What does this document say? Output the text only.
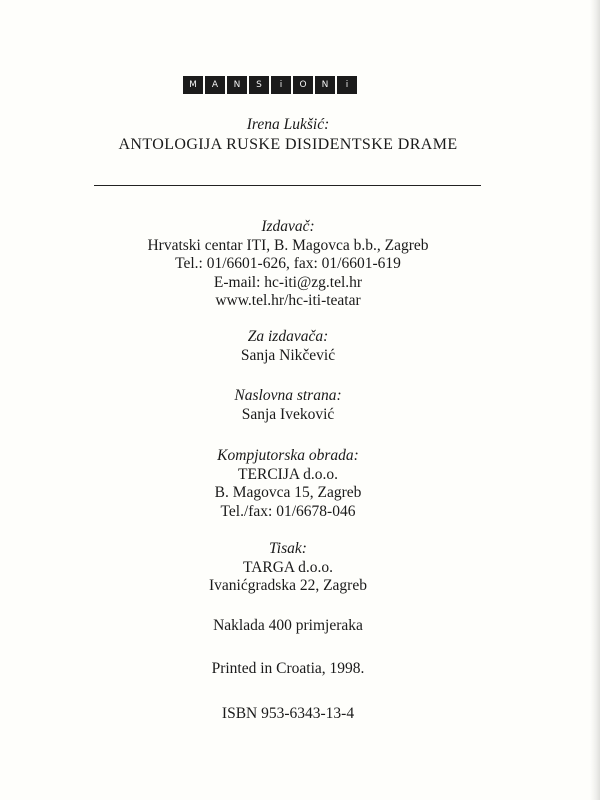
M	A	N	S	i	O	N	i
Irena Lukšić:
ANTOLOGIJA RUSKE DISIDENTSKE DRAME
Izdavač:
Hrvatski centar ITI, B. Magovca b.b., Zagreb
Tel.: 01/6601-626, fax: 01/6601-619
E-mail: hc-iti@zg.tel.hr
www.tel.hr/hc-iti-teatar
Za izdavača:
Sanja Nikčević
Naslovna strana:
Sanja Iveković
Kompjutorska obrada:
TERCIJA d.o.o.
B. Magovca 15, Zagreb
Tel./fax: 01/6678-046
Tisak:
TARGA d.o.o.
Ivanićgradska 22, Zagreb
Naklada 400 primjeraka
Printed in Croatia, 1998.
ISBN 953-6343-13-4
